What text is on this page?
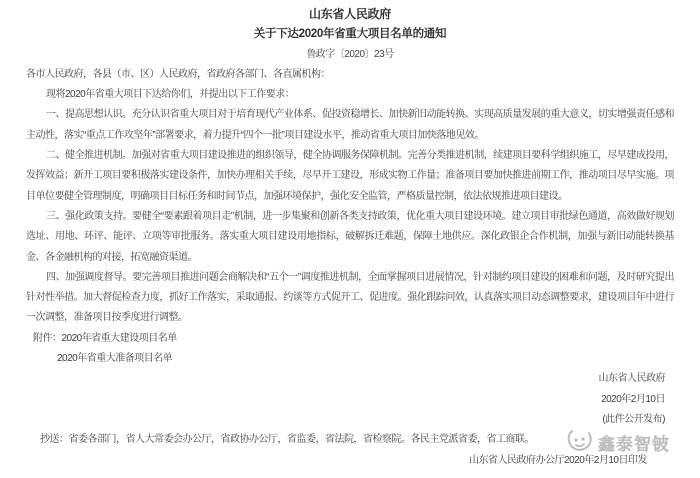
山东省人民政府
关于下达2020年省重大项目名单的通知
鲁政字〔2020〕23号

各市人民政府，各县（市、区）人民政府，省政府各部门、各直属机构：

现将2020年省重大项目下达给你们，并提出以下工作要求：

一、提高思想认识。充分认识省重大项目对于培育现代产业体系、促投资稳增长、加快新旧动能转换、实现高质量发展的重大意义，切实增强责任感和主动性，落实“重点工作攻坚年”部署要求，着力提升“四个一批”项目建设水平，推动省重大项目加快落地见效。

二、健全推进机制。加强对省重大项目建设推进的组织领导，健全协调服务保障机制。完善分类推进机制，续建项目要科学组织施工，尽早建成投用，发挥效益；新开工项目要积极落实建设条件，加快办理相关手续，尽早开工建设，形成实物工作量；准备项目要加快推进前期工作，推动项目尽早实施。项目单位要健全管理制度，明确项目目标任务和时间节点，加强环境保护，强化安全监管，严格质量控制，依法依规推进项目建设。

三、强化政策支持。要健全“要素跟着项目走”机制，进一步集聚和创新各类支持政策，优化重大项目建设环境。建立项目审批绿色通道，高效做好规划选址、用地、环评、能评、立项等审批服务。落实重大项目建设用地指标，破解拆迁难题，保障土地供应。深化政银企合作机制，加强与新旧动能转换基金、各金融机构的对接，拓宽融资渠道。

四、加强调度督导。要完善项目推进问题会商解决和“五个一”调度推进机制，全面掌握项目进展情况，针对制约项目建设的困难和问题，及时研究提出针对性举措。加大督促检查力度，抓好工作落实，采取通报、约谈等方式促开工、促进度。强化跟踪问效，认真落实项目动态调整要求，建设项目年中进行一次调整，准备项目按季度进行调整。

附件：2020年省重大建设项目名单

2020年省重大准备项目名单

山东省人民政府

2020年2月10日

(此件公开发布)

抄送：省委各部门，省人大常委会办公厅，省政协办公厅，省监委，省法院，省检察院。各民主党派省委，省工商联。

山东省人民政府办公厅2020年2月10日印发

鑫泰智铍
